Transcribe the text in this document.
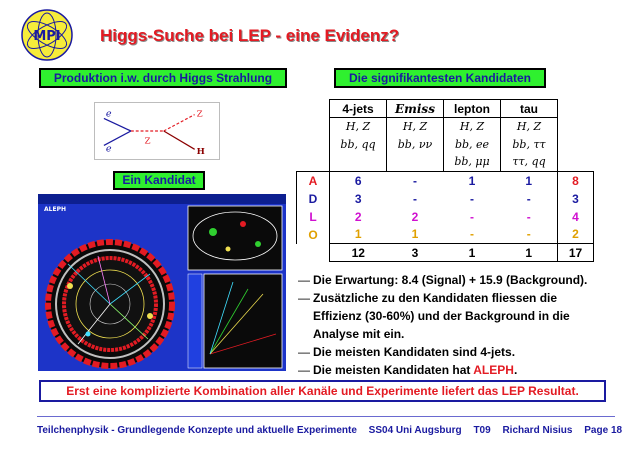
MPI Higgs-Suche bei LEP - eine Evidenz?
Produktion i.w. durch Higgs Strahlung	Die signifikantesten Kandidaten
e
e
Z
Z
H
Ein Kandidat
ALEPH
	4-jets	Emiss	lepton	tau	
	H, Z	H, Z	H, Z	H, Z	
	bb, qq	bb, νν	bb, ee	bb, ττ	
			bb, μμ	ττ, qq	
A	6	-	1	1	8
D	3	-	-	-	3
L	2	2	-	-	4
O	1	1	-	-	2
	12	3	1	1	17
— Die Erwartung: 8.4 (Signal) + 15.9 (Background).
— Zusätzliche zu den Kandidaten fliessen die
Effizienz (30-60%) und der Background in die
Analyse mit ein.
— Die meisten Kandidaten sind 4-jets.
— Die meisten Kandidaten hat ALEPH.
Erst eine komplizierte Kombination aller Kanäle und Experimente liefert das LEP Resultat.
Teilchenphysik - Grundlegende Konzepte und aktuelle Experimente SS04 Uni Augsburg T09 Richard Nisius Page 18
